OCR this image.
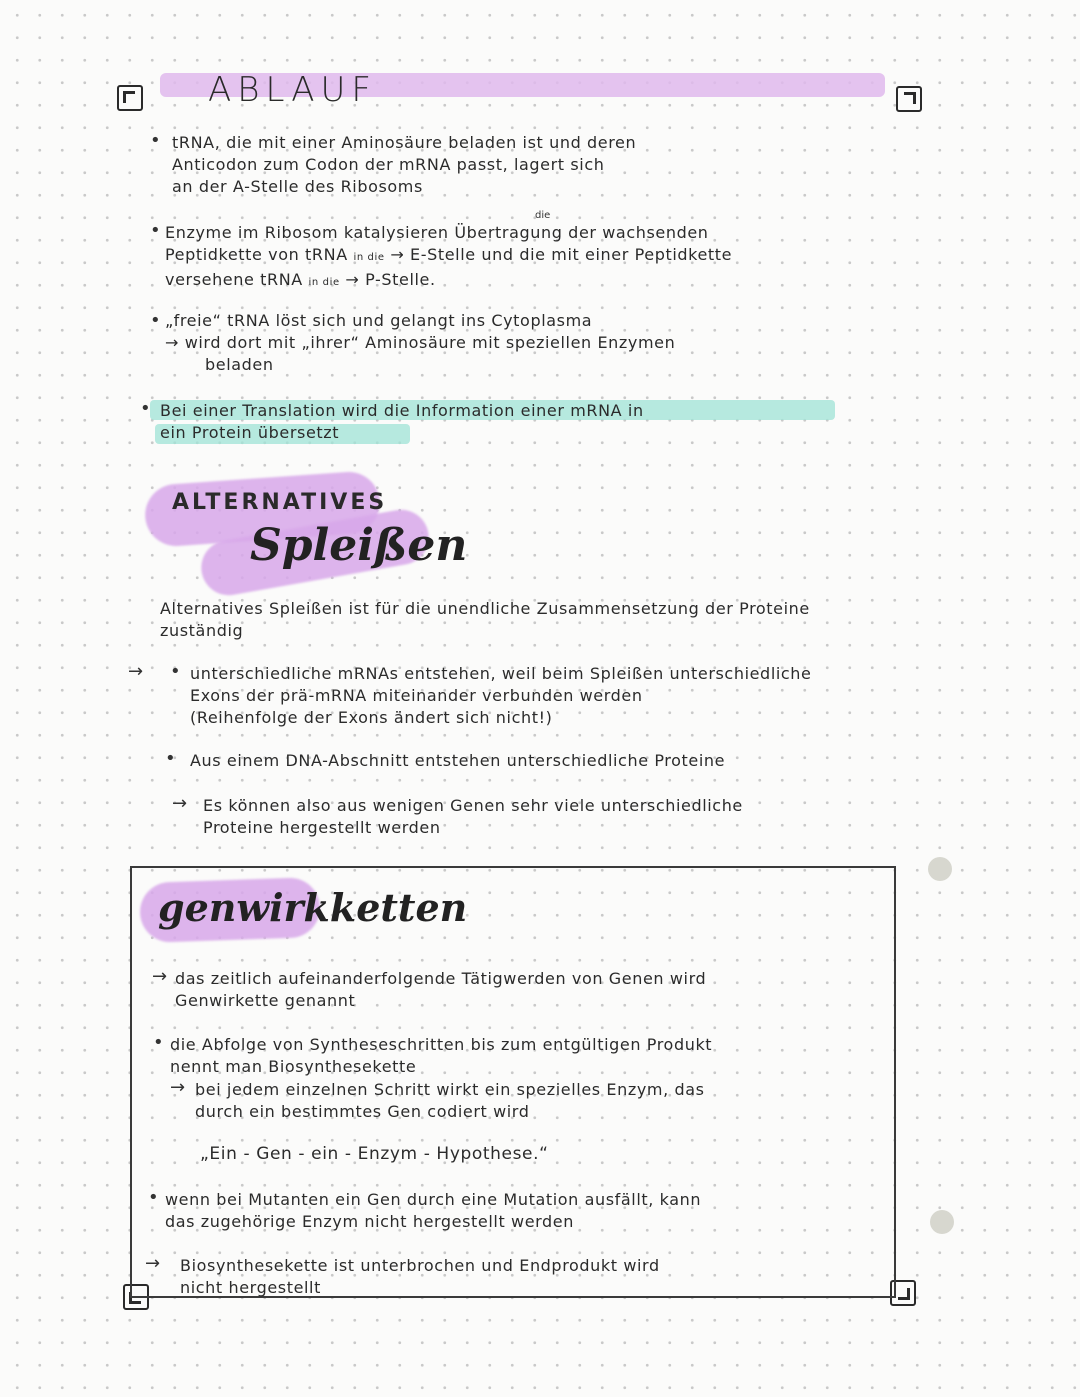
ABLAUF
• tRNA, die mit einer Aminosäure beladen ist und deren
Anticodon zum Codon der mRNA passt, lagert sich
an der A-Stelle des Ribosoms
•
die
Enzyme im Ribosom katalysieren Übertragung der wachsenden
Peptidkette von tRNA in die → E-Stelle und die mit einer Peptidkette
versehene tRNA in die → P-Stelle.
• „freie“ tRNA löst sich und gelangt ins Cytoplasma
→ wird dort mit „ihrer“ Aminosäure mit speziellen Enzymen
beladen
• Bei einer Translation wird die Information einer mRNA in
ein Protein übersetzt
ALTERNATIVES
Spleißen
Alternatives Spleißen ist für die unendliche Zusammensetzung der Proteine
zuständig
→ • unterschiedliche mRNAs entstehen, weil beim Spleißen unterschiedliche
Exons der prä-mRNA miteinander verbunden werden
(Reihenfolge der Exons ändert sich nicht!)
• Aus einem DNA-Abschnitt entstehen unterschiedliche Proteine
→ Es können also aus wenigen Genen sehr viele unterschiedliche
Proteine hergestellt werden
genwirkketten
→ das zeitlich aufeinanderfolgende Tätigwerden von Genen wird
Genwirkette genannt
• die Abfolge von Syntheseschritten bis zum entgültigen Produkt
nennt man Biosynthesekette
→ bei jedem einzelnen Schritt wirkt ein spezielles Enzym, das
durch ein bestimmtes Gen codiert wird
„Ein - Gen - ein - Enzym - Hypothese.“
• wenn bei Mutanten ein Gen durch eine Mutation ausfällt, kann
das zugehörige Enzym nicht hergestellt werden
→ Biosynthesekette ist unterbrochen und Endprodukt wird
nicht hergestellt
